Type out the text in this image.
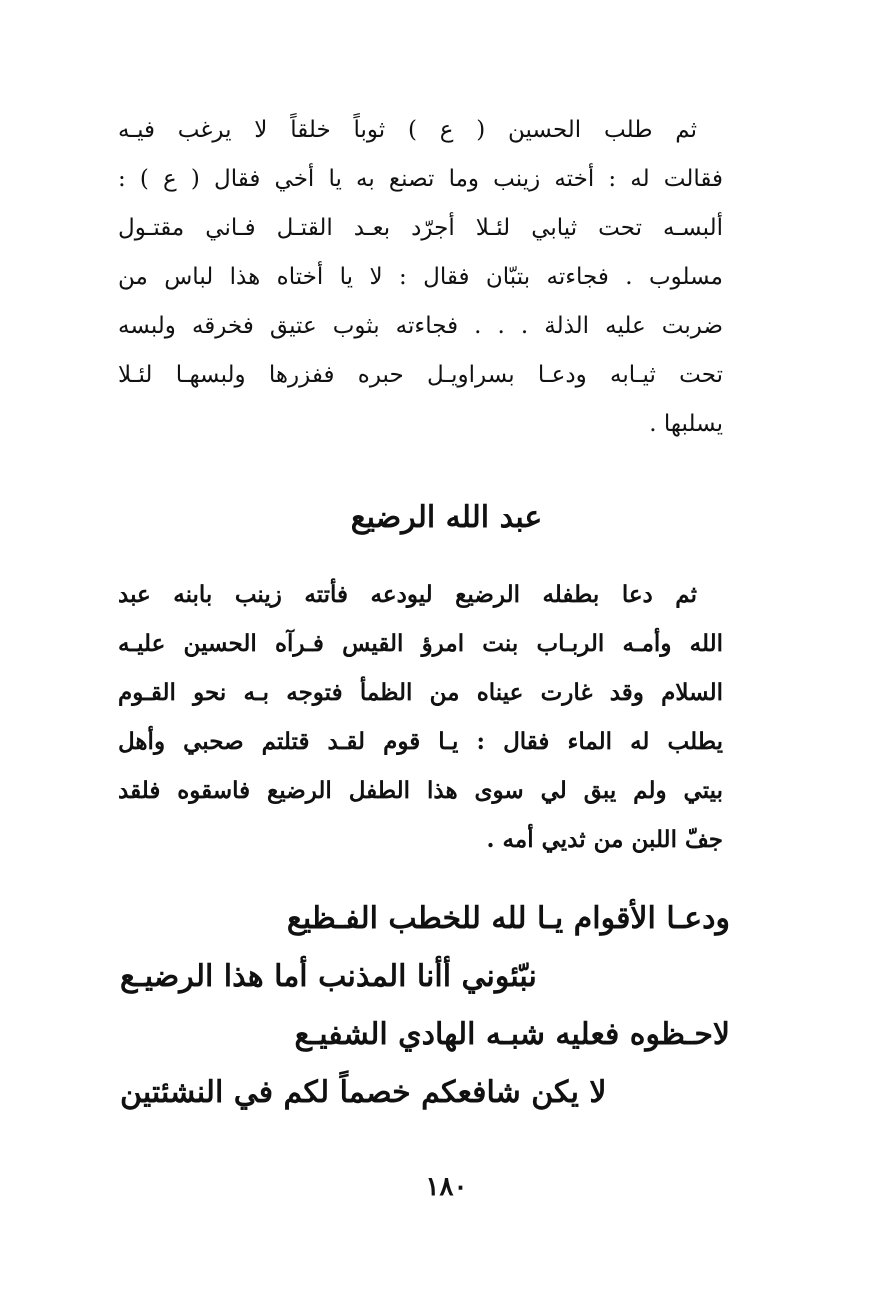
ثم طلب الحسين ( ع ) ثوباً خلقاً لا يرغب فيـه
فقالت له : أخته زينب وما تصنع به يا أخي فقال ( ع ) :
ألبسـه تحت ثيابي لئـلا أجرّد بعـد القتـل فـاني مقتـول
مسلوب . فجاءته بتبّان فقال : لا يا أختاه هذا لباس من
ضربت عليه الذلة . . . فجاءته بثوب عتيق فخرقه ولبسه
تحت ثيـابه ودعـا بسراويـل حبره ففزرها ولبسهـا لئـلا
يسلبها .
عبد الله الرضيع
ثم دعا بطفله الرضيع ليودعه فأتته زينب بابنه عبد
الله وأمـه الربـاب بنت امرؤ القيس فـرآه الحسين عليـه
السلام وقد غارت عيناه من الظمأ فتوجه بـه نحو القـوم
يطلب له الماء فقال : يـا قوم لقـد قتلتم صحبي وأهل
بيتي ولم يبق لي سوى هذا الطفل الرضيع فاسقوه فلقد
جفّ اللبن من ثديي أمه .
ودعـا الأقوام يـا لله للخطب الفـظيع
نبّئوني أأنا المذنب أما هذا الرضيـع
لاحـظوه فعليه شبـه الهادي الشفيـع
لا يكن شافعكم خصماً لكم في النشئتين
١٨٠
